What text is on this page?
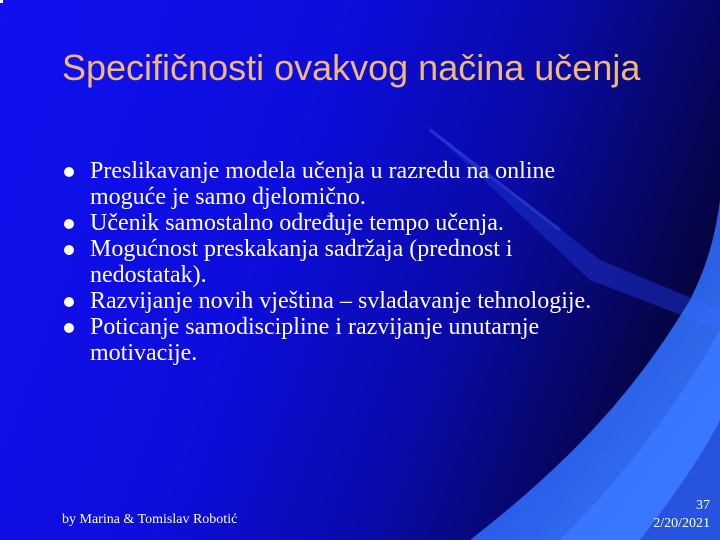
Specifičnosti ovakvog načina učenja
Preslikavanje modela učenja u razredu na online moguće je samo djelomično.
Učenik samostalno određuje tempo učenja.
Mogućnost preskakanja sadržaja (prednost i nedostatak).
Razvijanje novih vještina – svladavanje tehnologije.
Poticanje samodiscipline i razvijanje unutarnje motivacije.
by Marina & Tomislav Robotić
37
2/20/2021
